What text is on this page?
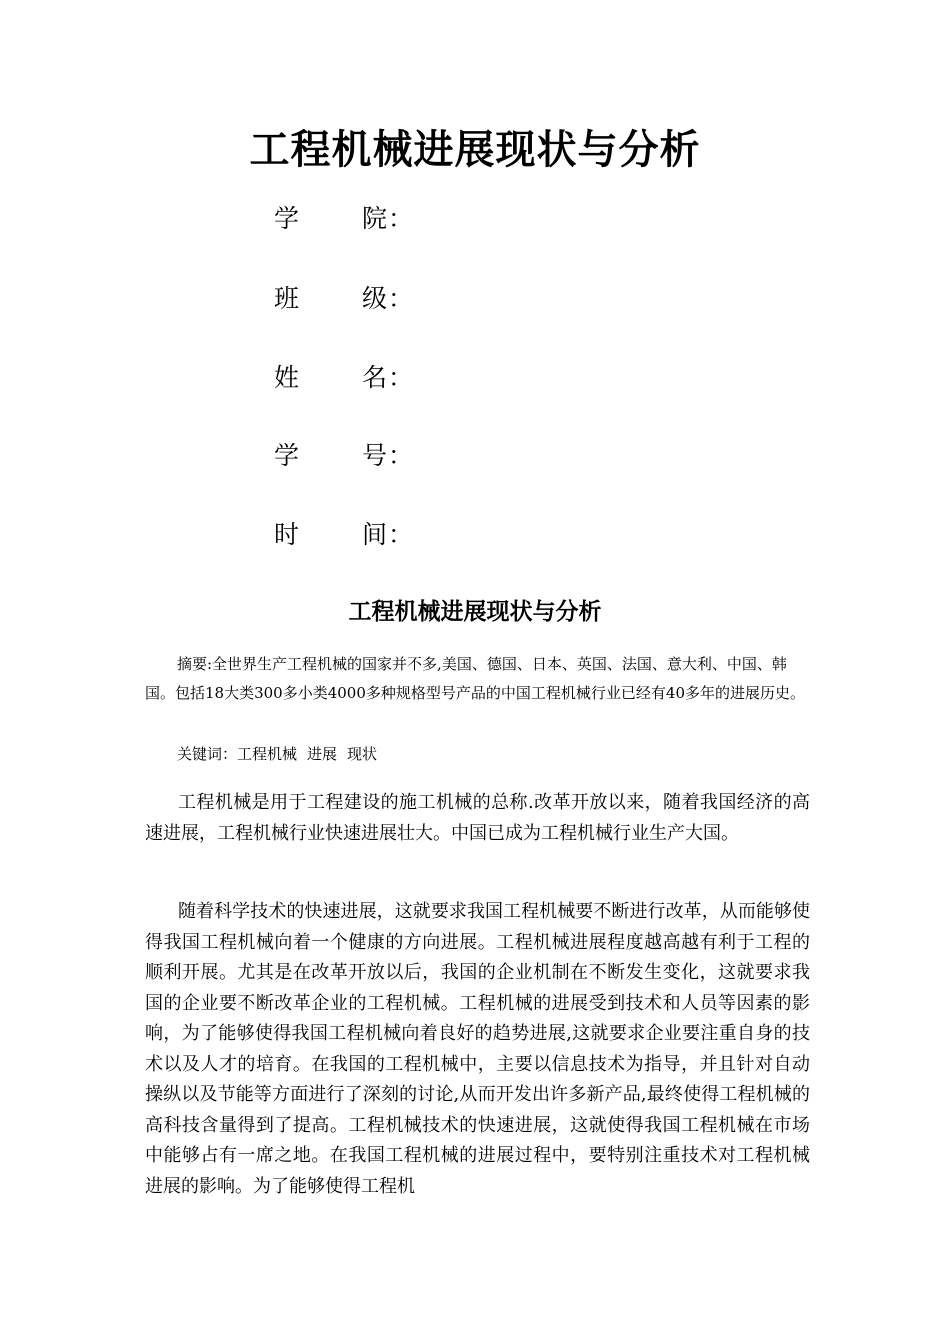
工程机械进展现状与分析
学	院 ：
班	级 ：
姓	名 ：
学	号 ：
时	间 ：
工程机械进展现状与分析
摘要:全世界生产工程机械的国家并不多,美国、德国、日本、英国、法国、意大利、中国、韩国。包括18大类300多小类4000多种规格型号产品的中国工程机械行业已经有40多年的进展历史。
关键词：工程机械 进展 现状
工程机械是用于工程建设的施工机械的总称.改革开放以来，随着我国经济的高速进展，工程机械行业快速进展壮大。中国已成为工程机械行业生产大国。
随着科学技术的快速进展，这就要求我国工程机械要不断进行改革，从而能够使得我国工程机械向着一个健康的方向进展。工程机械进展程度越高越有利于工程的顺利开展。尤其是在改革开放以后，我国的企业机制在不断发生变化，这就要求我国的企业要不断改革企业的工程机械。工程机械的进展受到技术和人员等因素的影响，为了能够使得我国工程机械向着良好的趋势进展,这就要求企业要注重自身的技术以及人才的培育。在我国的工程机械中，主要以信息技术为指导，并且针对自动操纵以及节能等方面进行了深刻的讨论,从而开发出许多新产品,最终使得工程机械的高科技含量得到了提高。工程机械技术的快速进展，这就使得我国工程机械在市场中能够占有一席之地。在我国工程机械的进展过程中，要特别注重技术对工程机械进展的影响。为了能够使得工程机
